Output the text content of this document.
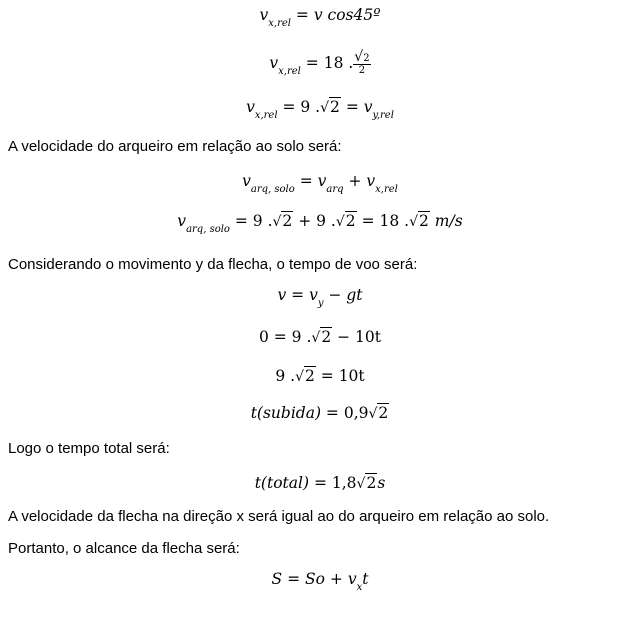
$v_{x,rel} = v$ cos45º
$v_{x,rel} = 18$ . $\frac{√2}{2}$
$v_{x,rel} = 9$ $.√2 = v_{y,rel}$
A velocidade do arqueiro em relação ao solo será:
$v_{arq, solo} = v_{arq} + v_{x,rel}$
$v_{arq, solo} = 9$ .√2 + 9 .√2 = 18 .√2 m/s
Considerando o movimento y da flecha, o tempo de voo será:
$v = v_y$ − gt
0 = 9 .√2 − 10t
9 .√2 = 10t
t(subida) = 0,9√2
Logo o tempo total será:
t(total) = 1,8√2s
A velocidade da flecha na direção x será igual ao do arqueiro em relação ao solo.
Portanto, o alcance da flecha será:
$S = So + v_xt$
